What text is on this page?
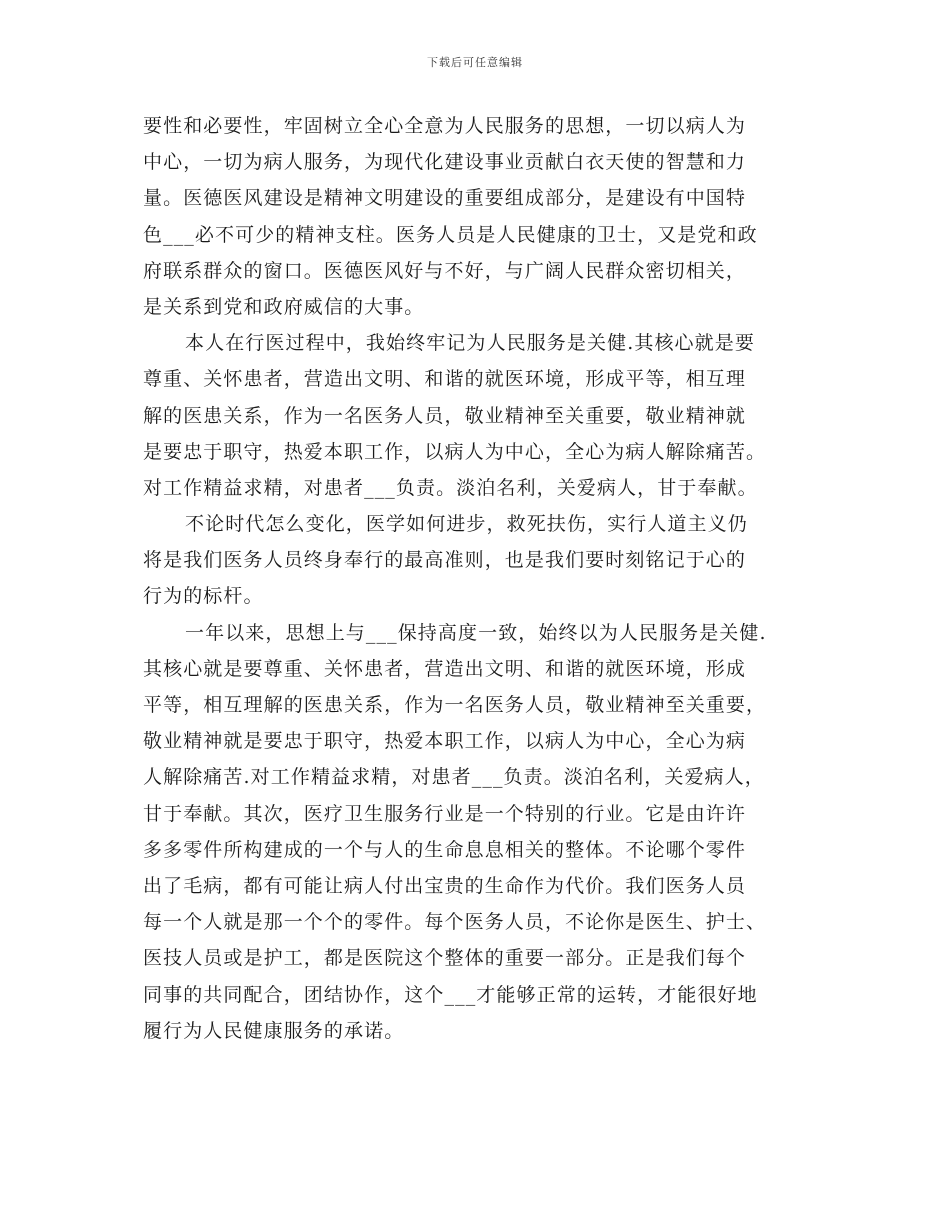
下载后可任意编辑
要性和必要性，牢固树立全心全意为人民服务的思想，一切以病人为
中心，一切为病人服务，为现代化建设事业贡献白衣天使的智慧和力
量。医德医风建设是精神文明建设的重要组成部分，是建设有中国特
色___必不可少的精神支柱。医务人员是人民健康的卫士，又是党和政
府联系群众的窗口。医德医风好与不好，与广阔人民群众密切相关，
是关系到党和政府威信的大事。
本人在行医过程中，我始终牢记为人民服务是关健.其核心就是要
尊重、关怀患者，营造出文明、和谐的就医环境，形成平等，相互理
解的医患关系，作为一名医务人员，敬业精神至关重要，敬业精神就
是要忠于职守，热爱本职工作，以病人为中心，全心为病人解除痛苦。
对工作精益求精，对患者___负责。淡泊名利，关爱病人，甘于奉献。
不论时代怎么变化，医学如何进步，救死扶伤，实行人道主义仍
将是我们医务人员终身奉行的最高准则，也是我们要时刻铭记于心的
行为的标杆。
一年以来，思想上与___保持高度一致，始终以为人民服务是关健.
其核心就是要尊重、关怀患者，营造出文明、和谐的就医环境，形成
平等，相互理解的医患关系，作为一名医务人员，敬业精神至关重要，
敬业精神就是要忠于职守，热爱本职工作，以病人为中心，全心为病
人解除痛苦.对工作精益求精，对患者___负责。淡泊名利，关爱病人，
甘于奉献。其次，医疗卫生服务行业是一个特别的行业。它是由许许
多多零件所构建成的一个与人的生命息息相关的整体。不论哪个零件
出了毛病，都有可能让病人付出宝贵的生命作为代价。我们医务人员
每一个人就是那一个个的零件。每个医务人员，不论你是医生、护士、
医技人员或是护工，都是医院这个整体的重要一部分。正是我们每个
同事的共同配合，团结协作，这个___才能够正常的运转，才能很好地
履行为人民健康服务的承诺。
